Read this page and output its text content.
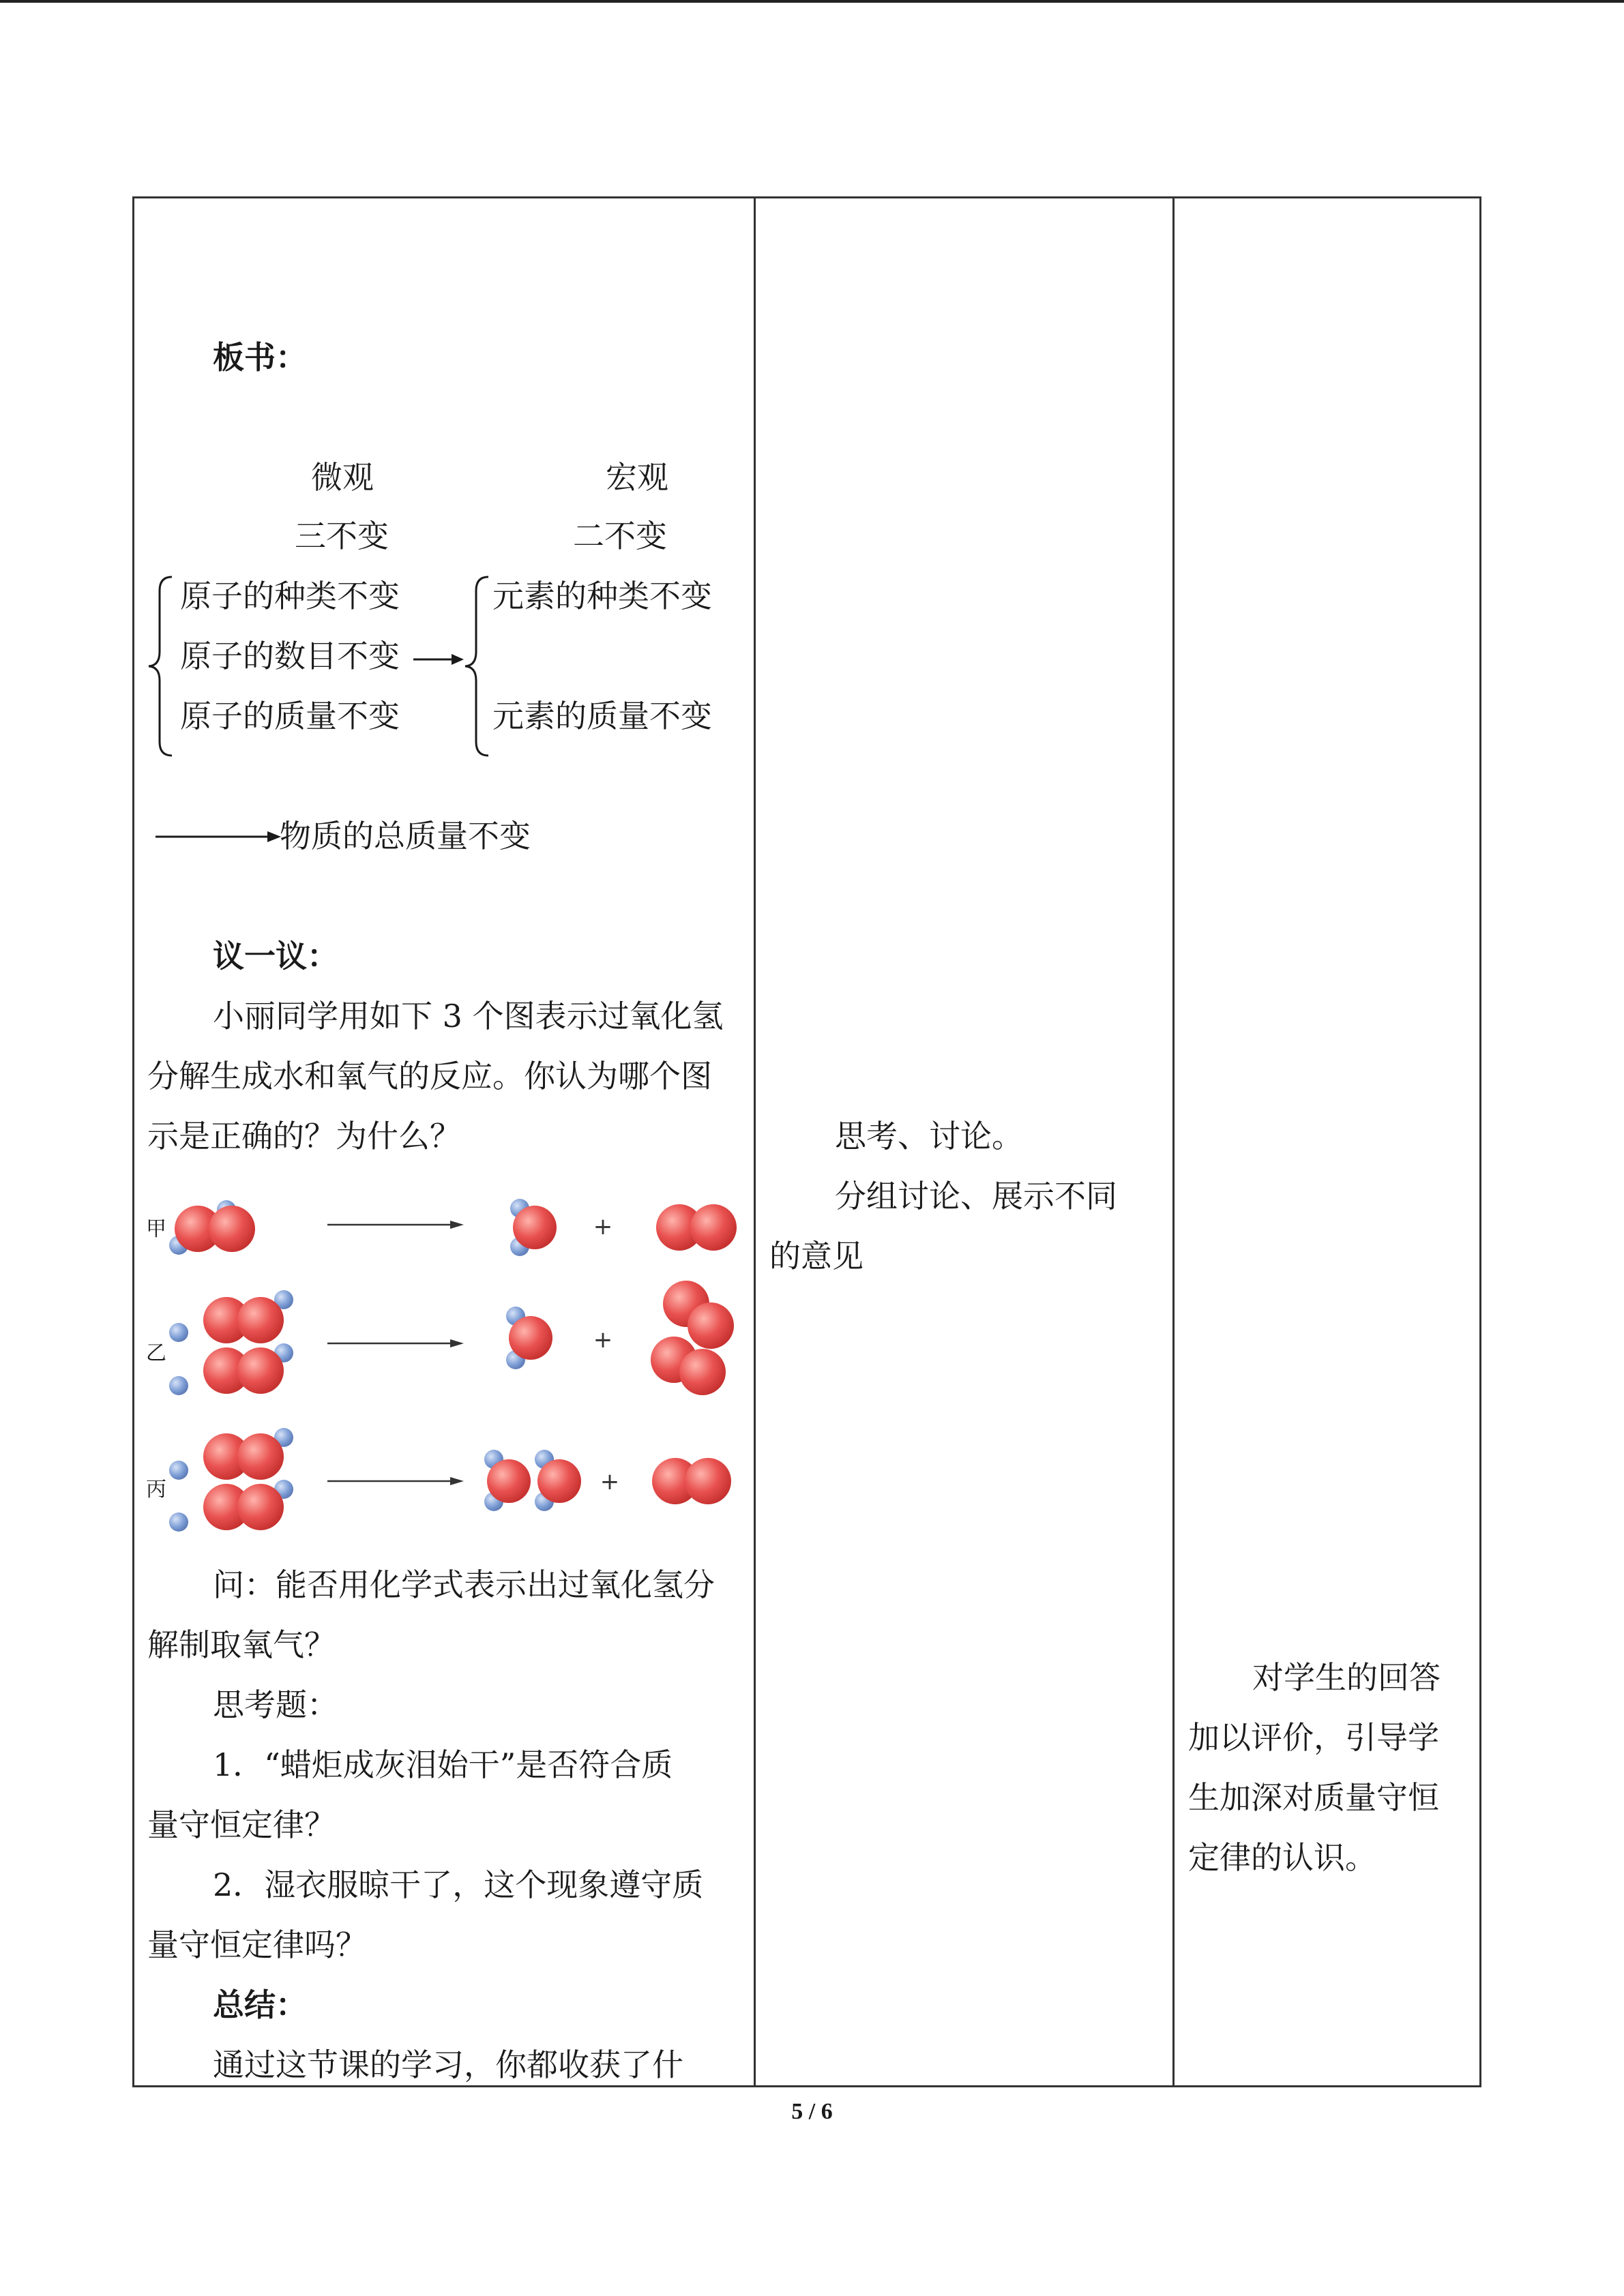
板书：
微观	宏观
三不变	二不变
原子的种类不变
原子的数目不变
原子的质量不变
元素的种类不变
元素的质量不变
物质的总质量不变
议一议：
小丽同学用如下 3 个图表示过氧化氢
分解生成水和氧气的反应。你认为哪个图
示是正确的？为什么？
甲
乙
丙
+
+
+
问：能否用化学式表示出过氧化氢分
解制取氧气？
思考题：
1．“蜡炬成灰泪始干”是否符合质
量守恒定律？
2．湿衣服晾干了，这个现象遵守质
量守恒定律吗？
总结：
通过这节课的学习，你都收获了什
思考、讨论。
分组讨论、展示不同
的意见
对学生的回答
加以评价，引导学
生加深对质量守恒
定律的认识。
5 / 6
